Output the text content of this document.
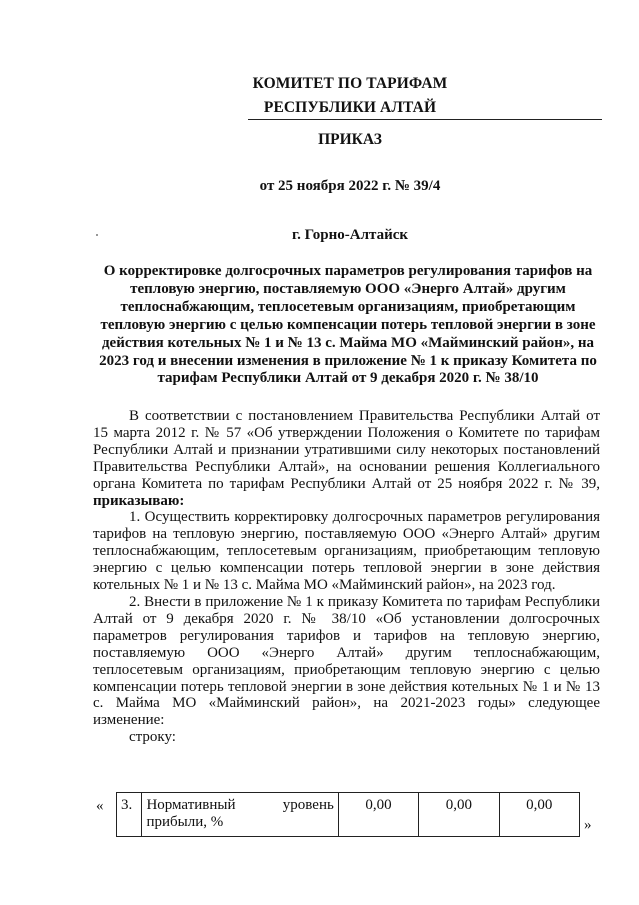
КОМИТЕТ ПО ТАРИФАМ
РЕСПУБЛИКИ АЛТАЙ
ПРИКАЗ
от 25 ноября 2022 г. № 39/4
г. Горно-Алтайск
О корректировке долгосрочных параметров регулирования тарифов на тепловую энергию, поставляемую ООО «Энерго Алтай» другим теплоснабжающим, теплосетевым организациям, приобретающим тепловую энергию с целью компенсации потерь тепловой энергии в зоне действия котельных № 1 и № 13 с. Майма МО «Майминский район», на 2023 год и внесении изменения в приложение № 1 к приказу Комитета по тарифам Республики Алтай от 9 декабря 2020 г. № 38/10

В соответствии с постановлением Правительства Республики Алтай от 15 марта 2012 г. № 57 «Об утверждении Положения о Комитете по тарифам Республики Алтай и признании утратившими силу некоторых постановлений Правительства Республики Алтай», на основании решения Коллегиального органа Комитета по тарифам Республики Алтай от 25 ноября 2022 г. № 39, приказываю:

1. Осуществить корректировку долгосрочных параметров регулирования тарифов на тепловую энергию, поставляемую ООО «Энерго Алтай» другим теплоснабжающим, теплосетевым организациям, приобретающим тепловую энергию с целью компенсации потерь тепловой энергии в зоне действия котельных № 1 и № 13 с. Майма МО «Майминский район», на 2023 год.

2. Внести в приложение № 1 к приказу Комитета по тарифам Республики Алтай от 9 декабря 2020 г. № 38/10 «Об установлении долгосрочных параметров регулирования тарифов и тарифов на тепловую энергию, поставляемую ООО «Энерго Алтай» другим теплоснабжающим, теплосетевым организациям, приобретающим тепловую энергию с целью компенсации потерь тепловой энергии в зоне действия котельных № 1 и № 13 с. Майма МО «Майминский район», на 2021-2023 годы» следующее изменение:

строку:

« 3.	Нормативный уровень прибыли, %	0,00	0,00	0,00
»
